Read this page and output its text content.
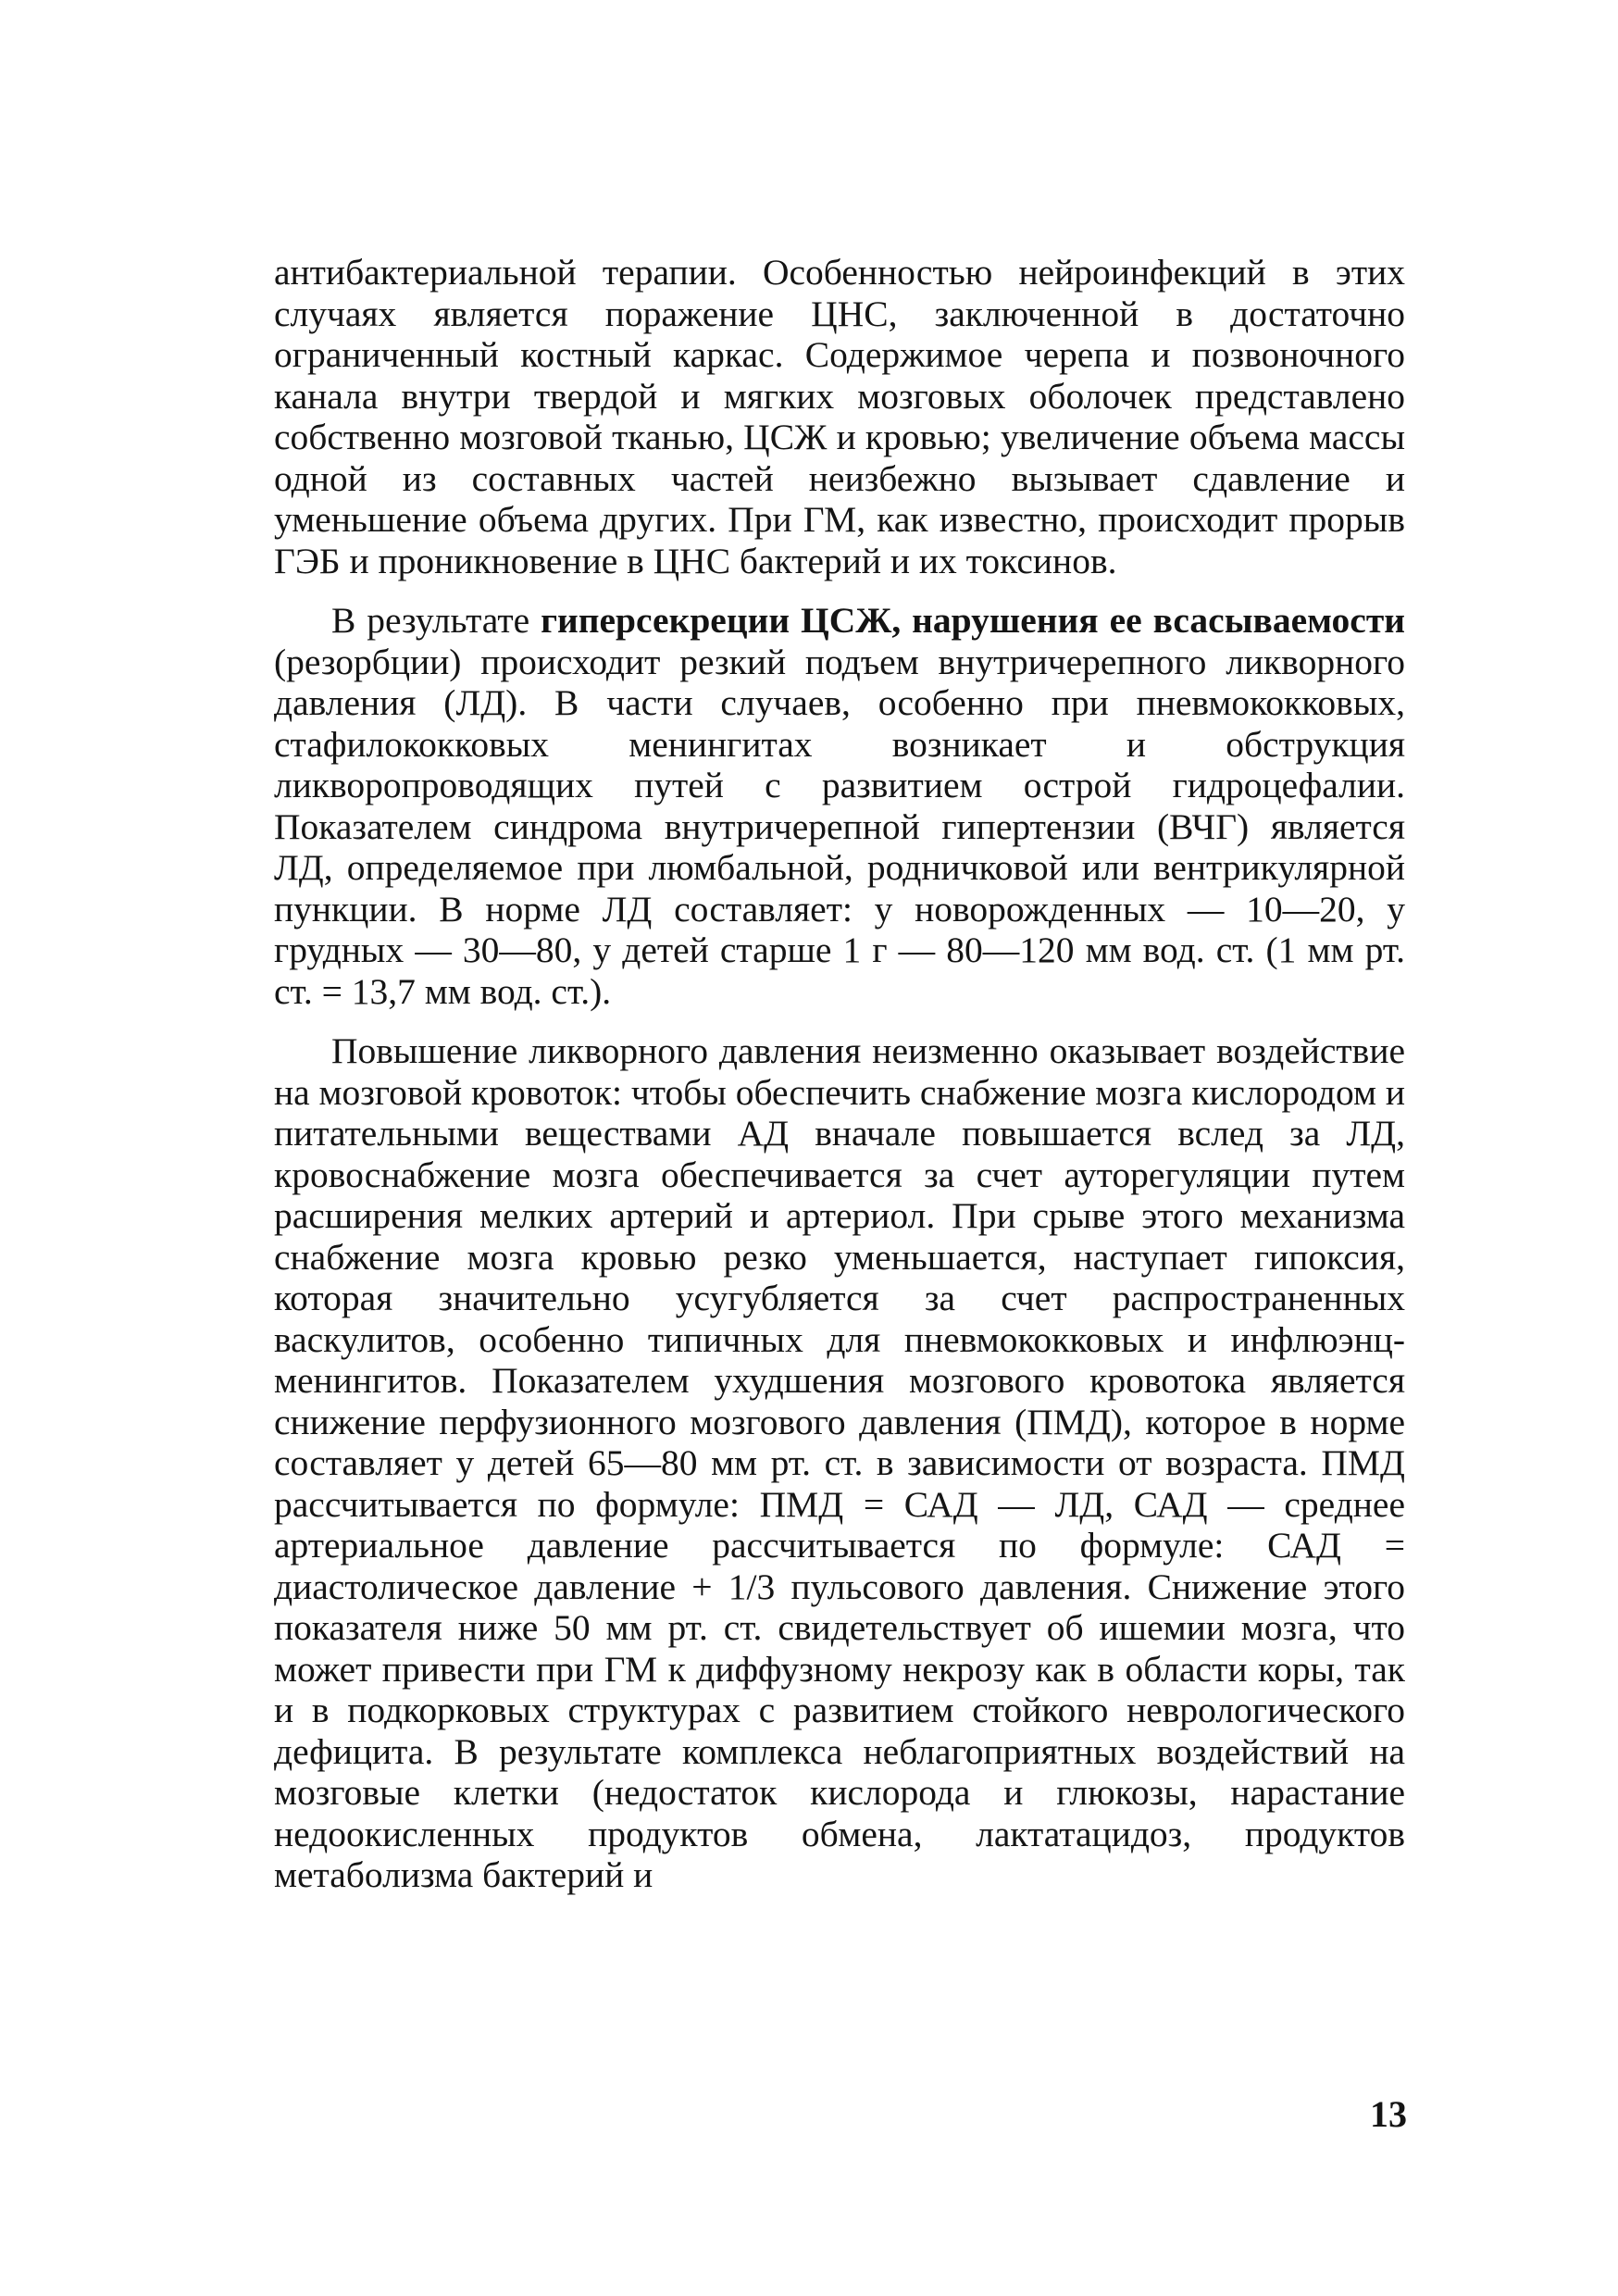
антибактериальной терапии. Особенностью нейроинфекций в этих случаях является поражение ЦНС, заключенной в достаточно ограниченный костный каркас. Содержимое черепа и позвоночного канала внутри твердой и мягких мозговых оболочек представлено собственно мозговой тканью, ЦСЖ и кровью; увеличение объема массы одной из составных частей неизбежно вызывает сдавление и уменьшение объема других. При ГМ, как известно, происходит прорыв ГЭБ и проникновение в ЦНС бактерий и их токсинов.

В результате гиперсекреции ЦСЖ, нарушения ее всасываемости (резорбции) происходит резкий подъем внутричерепного ликворного давления (ЛД). В части случаев, особенно при пневмококковых, стафилококковых менингитах возникает и обструкция ликворопроводящих путей с развитием острой гидроцефалии. Показателем синдрома внутричерепной гипертензии (ВЧГ) является ЛД, определяемое при люмбальной, родничковой или вентрикулярной пункции. В норме ЛД составляет: у новорожденных — 10—20, у грудных — 30—80, у детей старше 1 г — 80—120 мм вод. ст. (1 мм рт. ст. = 13,7 мм вод. ст.).

Повышение ликворного давления неизменно оказывает воздействие на мозговой кровоток: чтобы обеспечить снабжение мозга кислородом и питательными веществами АД вначале повышается вслед за ЛД, кровоснабжение мозга обеспечивается за счет ауторегуляции путем расширения мелких артерий и артериол. При срыве этого механизма снабжение мозга кровью резко уменьшается, наступает гипоксия, которая значительно усугубляется за счет распространенных васкулитов, особенно типичных для пневмококковых и инфлюэнц-менингитов. Показателем ухудшения мозгового кровотока является снижение перфузионного мозгового давления (ПМД), которое в норме составляет у детей 65—80 мм рт. ст. в зависимости от возраста. ПМД рассчитывается по формуле: ПМД = САД — ЛД, САД — среднее артериальное давление рассчитывается по формуле: САД = диастолическое давление + 1/3 пульсового давления. Снижение этого показателя ниже 50 мм рт. ст. свидетельствует об ишемии мозга, что может привести при ГМ к диффузному некрозу как в области коры, так и в подкорковых структурах с развитием стойкого неврологического дефицита. В результате комплекса неблагоприятных воздействий на мозговые клетки (недостаток кислорода и глюкозы, нарастание недоокисленных продуктов обмена, лактатацидоз, продуктов метаболизма бактерий и

13
